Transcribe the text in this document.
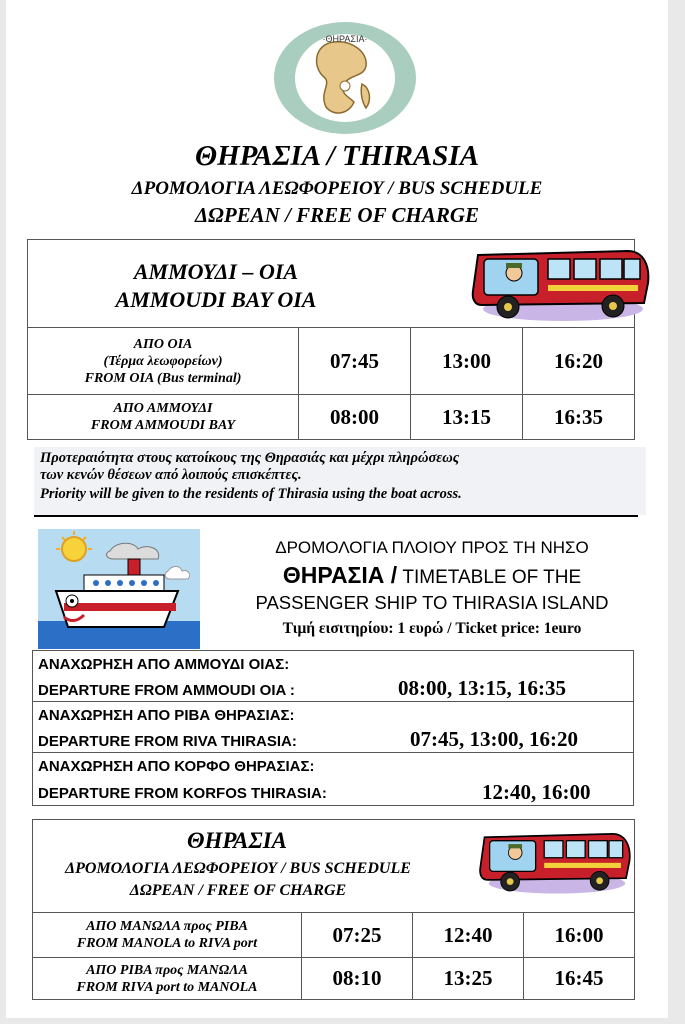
·ΘΗΡΑΣΙΑ·
ΘΗΡΑΣΙΑ / THIRASIA
ΔΡΟΜΟΛΟΓΙΑ ΛΕΩΦΟΡΕΙΟΥ / BUS SCHEDULE
ΔΩΡΕΑΝ / FREE OF CHARGE
ΑΜΜΟΥΔΙ – ΟΙΑ
AMMOUDI BAY OIA
ΑΠΟ ΟΙΑ
(Τέρμα λεωφορείων)
FROM OIA (Bus terminal)
07:45	13:00	16:20
ΑΠΟ ΑΜΜΟΥΔΙ
FROM AMMOUDI BAY	08:00	13:15	16:35
Προτεραιότητα στους κατοίκους της Θηρασιάς και μέχρι πληρώσεως
των κενών θέσεων από λοιπούς επισκέπτες.
Priority will be given to the residents of Thirasia using the boat across.
ΔΡΟΜΟΛΟΓΙΑ ΠΛΟΙΟΥ ΠΡΟΣ ΤΗ ΝΗΣΟ
ΘΗΡΑΣΙΑ / TIMETABLE OF THE
PASSENGER SHIP TO THIRASIA ISLAND
Τιμή εισιτηρίου: 1 ευρώ / Ticket price: 1euro
ΑΝΑΧΩΡΗΣΗ ΑΠΟ ΑΜΜΟΥΔΙ ΟΙΑΣ:
DEPARTURE FROM AMMOUDI OIA :	08:00, 13:15, 16:35
ΑΝΑΧΩΡΗΣΗ ΑΠΟ ΡΙΒΑ ΘΗΡΑΣΙΑΣ:
DEPARTURE FROM RIVA THIRASIA:	07:45, 13:00, 16:20
ΑΝΑΧΩΡΗΣΗ ΑΠΟ ΚΟΡΦΟ ΘΗΡΑΣΙΑΣ:
DEPARTURE FROM KORFOS THIRASIA:	12:40, 16:00
ΘΗΡΑΣΙΑ
ΔΡΟΜΟΛΟΓΙΑ ΛΕΩΦΟΡΕΙΟΥ / BUS SCHEDULE
ΔΩΡΕΑΝ / FREE OF CHARGE
ΑΠΟ ΜΑΝΩΛΑ προς ΡΙΒΑ
FROM MANOLA to RIVA port	07:25	12:40	16:00
ΑΠΟ ΡΙΒΑ προς ΜΑΝΩΛΑ
FROM RIVA port to MANOLA	08:10	13:25	16:45
